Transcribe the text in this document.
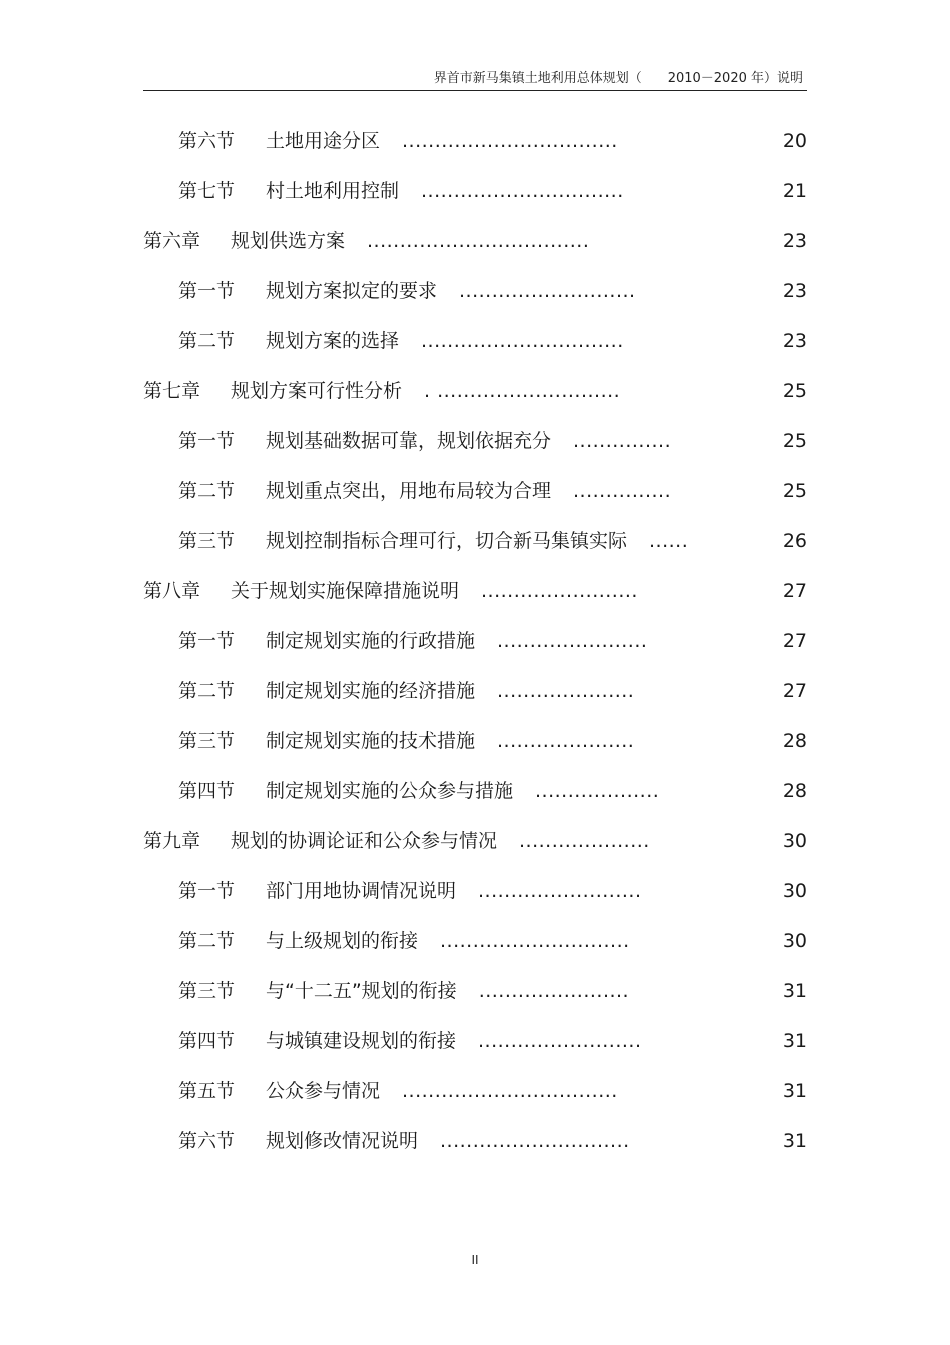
界首市新马集镇土地利用总体规划（　　2010－2020 年）说明
第六节 土地用途分区 .................................	20
第七节 村土地利用控制 ...............................	21
第六章 规划供选方案 ..................................	23
第一节 规划方案拟定的要求 ...........................	23
第二节 规划方案的选择 ...............................	23
第七章 规划方案可行性分析 . ............................	25
第一节 规划基础数据可靠，规划依据充分 ...............	25
第二节 规划重点突出，用地布局较为合理 ...............	25
第三节 规划控制指标合理可行，切合新马集镇实际 ......	26
第八章 关于规划实施保障措施说明 ........................	27
第一节 制定规划实施的行政措施 .......................	27
第二节 制定规划实施的经济措施 .....................	27
第三节 制定规划实施的技术措施 .....................	28
第四节 制定规划实施的公众参与措施 ...................	28
第九章 规划的协调论证和公众参与情况 ....................	30
第一节 部门用地协调情况说明 .........................	30
第二节 与上级规划的衔接 .............................	30
第三节 与“十二五”规划的衔接 .......................	31
第四节 与城镇建设规划的衔接 .........................	31
第五节 公众参与情况 .................................	31
第六节 规划修改情况说明 .............................	31
II
